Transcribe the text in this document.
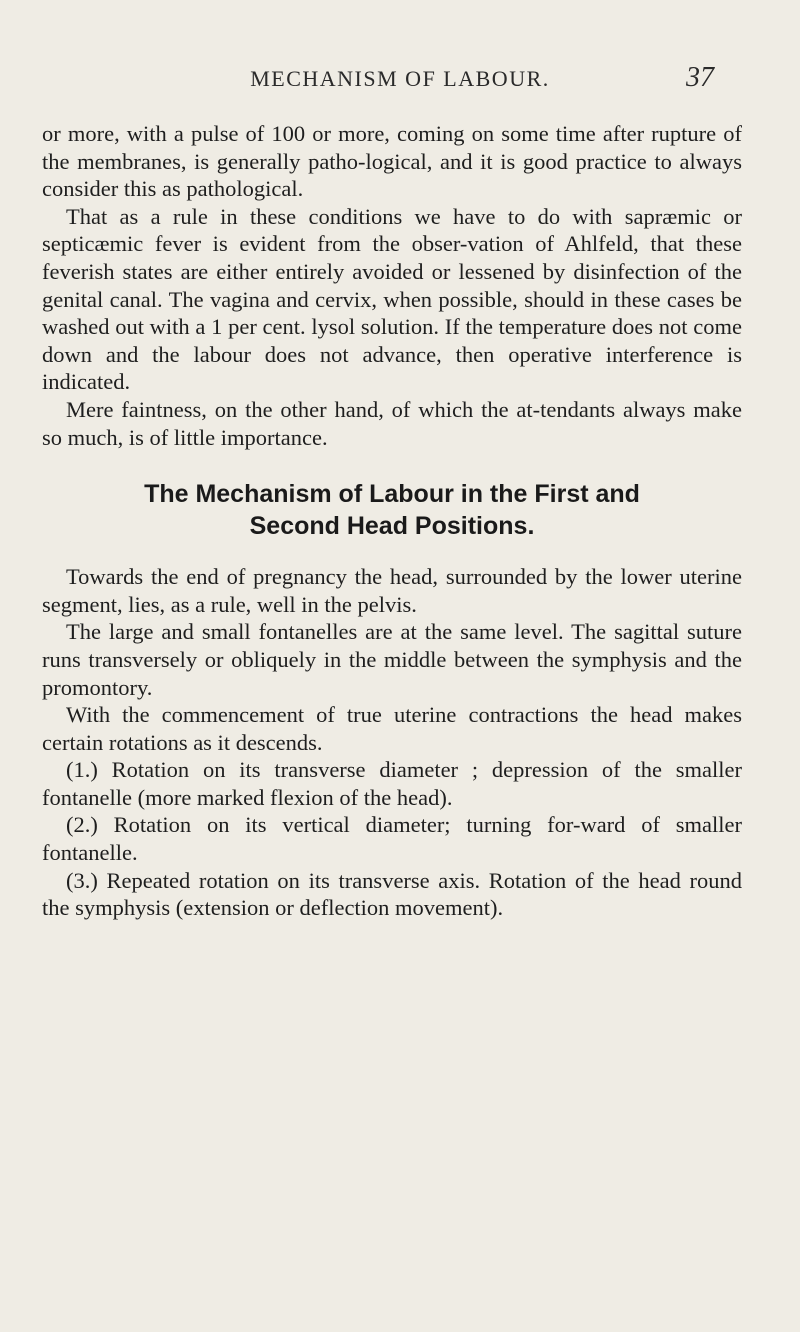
MECHANISM OF LABOUR.	37

or more, with a pulse of 100 or more, coming on some time after rupture of the membranes, is generally patho-logical, and it is good practice to always consider this as pathological.

That as a rule in these conditions we have to do with sapræmic or septicæmic fever is evident from the obser-vation of Ahlfeld, that these feverish states are either entirely avoided or lessened by disinfection of the genital canal. The vagina and cervix, when possible, should in these cases be washed out with a 1 per cent. lysol solution. If the temperature does not come down and the labour does not advance, then operative interference is indicated.

Mere faintness, on the other hand, of which the at-tendants always make so much, is of little importance.

The Mechanism of Labour in the First and
Second Head Positions.

Towards the end of pregnancy the head, surrounded by the lower uterine segment, lies, as a rule, well in the pelvis.

The large and small fontanelles are at the same level. The sagittal suture runs transversely or obliquely in the middle between the symphysis and the promontory.

With the commencement of true uterine contractions the head makes certain rotations as it descends.

(1.) Rotation on its transverse diameter ; depression of the smaller fontanelle (more marked flexion of the head).

(2.) Rotation on its vertical diameter; turning for-ward of smaller fontanelle.

(3.) Repeated rotation on its transverse axis. Rotation of the head round the symphysis (extension or deflection movement).
